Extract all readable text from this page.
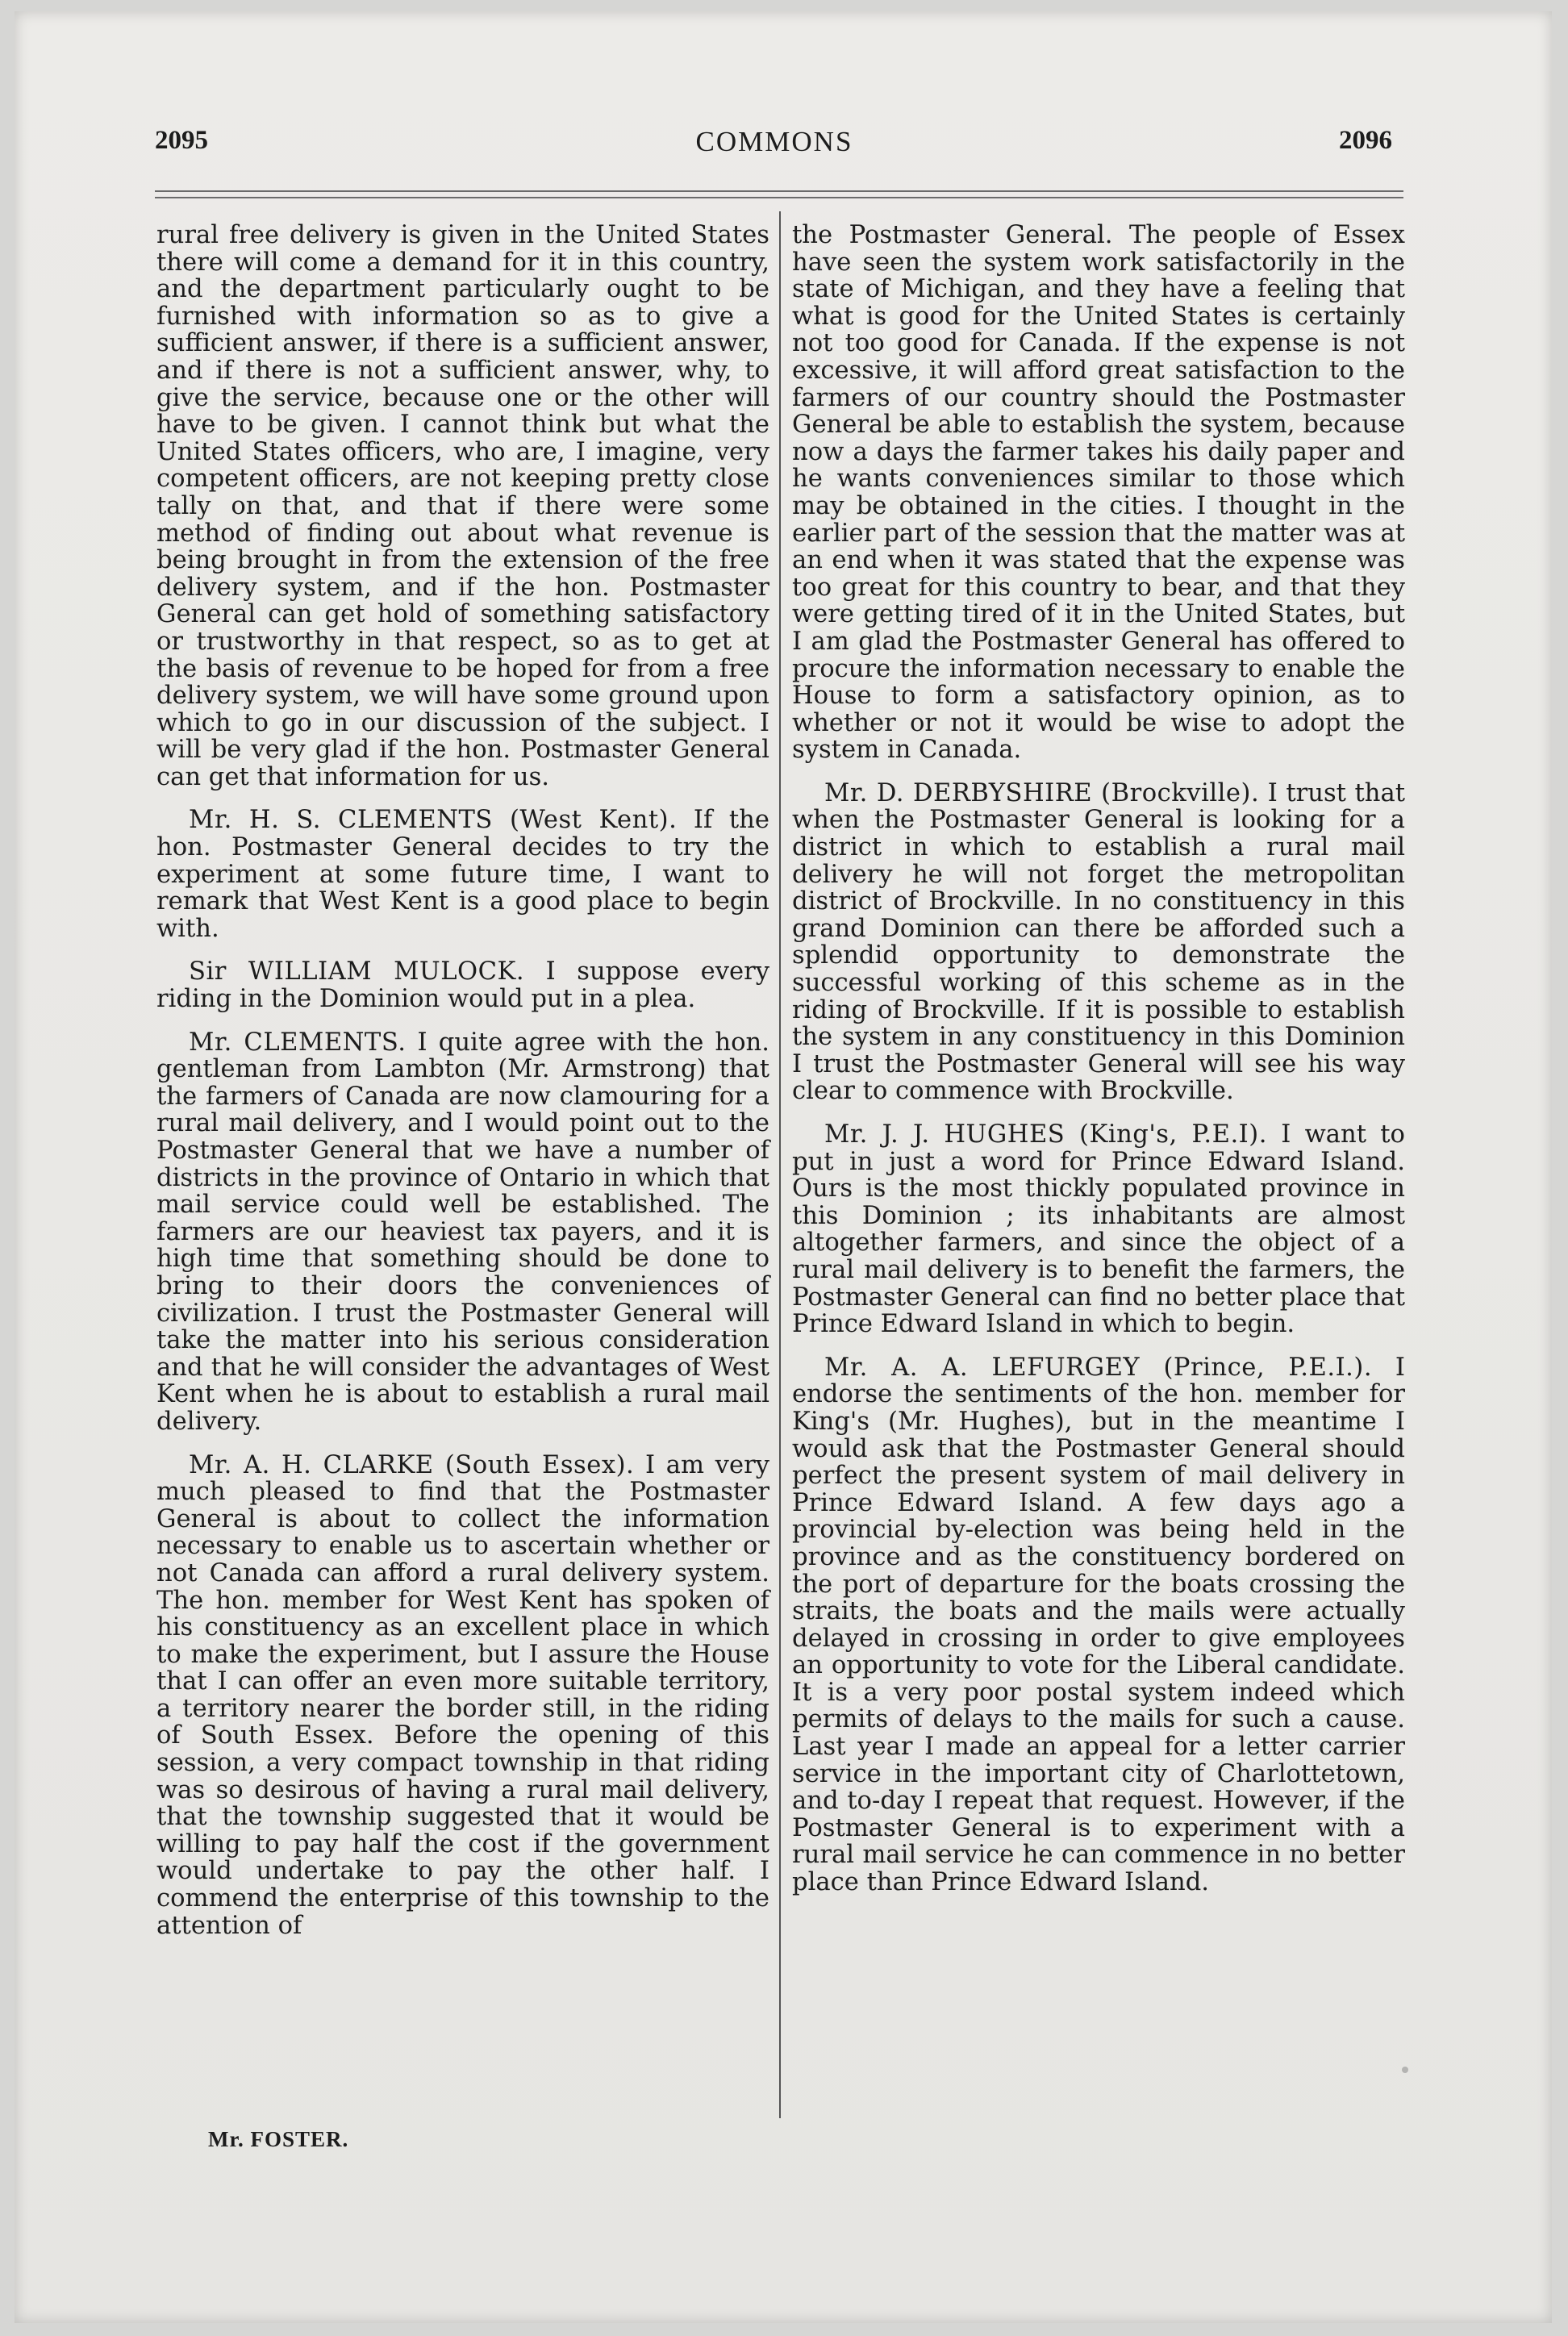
2095	COMMONS	2096

rural free delivery is given in the United States there will come a demand for it in this country, and the department particularly ought to be furnished with information so as to give a sufficient answer, if there is a sufficient answer, and if there is not a sufficient answer, why, to give the service, because one or the other will have to be given. I cannot think but what the United States officers, who are, I imagine, very competent officers, are not keeping pretty close tally on that, and that if there were some method of finding out about what revenue is being brought in from the extension of the free delivery system, and if the hon. Postmaster General can get hold of something satisfactory or trustworthy in that respect, so as to get at the basis of revenue to be hoped for from a free delivery system, we will have some ground upon which to go in our discussion of the subject. I will be very glad if the hon. Postmaster General can get that information for us.

Mr. H. S. CLEMENTS (West Kent). If the hon. Postmaster General decides to try the experiment at some future time, I want to remark that West Kent is a good place to begin with.

Sir WILLIAM MULOCK. I suppose every riding in the Dominion would put in a plea.

Mr. CLEMENTS. I quite agree with the hon. gentleman from Lambton (Mr. Armstrong) that the farmers of Canada are now clamouring for a rural mail delivery, and I would point out to the Postmaster General that we have a number of districts in the province of Ontario in which that mail service could well be established. The farmers are our heaviest tax payers, and it is high time that something should be done to bring to their doors the conveniences of civilization. I trust the Postmaster General will take the matter into his serious consideration and that he will consider the advantages of West Kent when he is about to establish a rural mail delivery.

Mr. A. H. CLARKE (South Essex). I am very much pleased to find that the Postmaster General is about to collect the information necessary to enable us to ascertain whether or not Canada can afford a rural delivery system. The hon. member for West Kent has spoken of his constituency as an excellent place in which to make the experiment, but I assure the House that I can offer an even more suitable territory, a territory nearer the border still, in the riding of South Essex. Before the opening of this session, a very compact township in that riding was so desirous of having a rural mail delivery, that the township suggested that it would be willing to pay half the cost if the government would undertake to pay the other half. I commend the enterprise of this township to the attention of

the Postmaster General. The people of Essex have seen the system work satisfactorily in the state of Michigan, and they have a feeling that what is good for the United States is certainly not too good for Canada. If the expense is not excessive, it will afford great satisfaction to the farmers of our country should the Postmaster General be able to establish the system, because now a days the farmer takes his daily paper and he wants conveniences similar to those which may be obtained in the cities. I thought in the earlier part of the session that the matter was at an end when it was stated that the expense was too great for this country to bear, and that they were getting tired of it in the United States, but I am glad the Postmaster General has offered to procure the information necessary to enable the House to form a satisfactory opinion, as to whether or not it would be wise to adopt the system in Canada.

Mr. D. DERBYSHIRE (Brockville). I trust that when the Postmaster General is looking for a district in which to establish a rural mail delivery he will not forget the metropolitan district of Brockville. In no constituency in this grand Dominion can there be afforded such a splendid opportunity to demonstrate the successful working of this scheme as in the riding of Brockville. If it is possible to establish the system in any constituency in this Dominion I trust the Postmaster General will see his way clear to commence with Brockville.

Mr. J. J. HUGHES (King's, P.E.I). I want to put in just a word for Prince Edward Island. Ours is the most thickly populated province in this Dominion ; its inhabitants are almost altogether farmers, and since the object of a rural mail delivery is to benefit the farmers, the Postmaster General can find no better place that Prince Edward Island in which to begin.

Mr. A. A. LEFURGEY (Prince, P.E.I.). I endorse the sentiments of the hon. member for King's (Mr. Hughes), but in the meantime I would ask that the Postmaster General should perfect the present system of mail delivery in Prince Edward Island. A few days ago a provincial by-election was being held in the province and as the constituency bordered on the port of departure for the boats crossing the straits, the boats and the mails were actually delayed in crossing in order to give employees an opportunity to vote for the Liberal candidate. It is a very poor postal system indeed which permits of delays to the mails for such a cause. Last year I made an appeal for a letter carrier service in the important city of Charlottetown, and to-day I repeat that request. However, if the Postmaster General is to experiment with a rural mail service he can commence in no better place than Prince Edward Island.

Mr. FOSTER.
